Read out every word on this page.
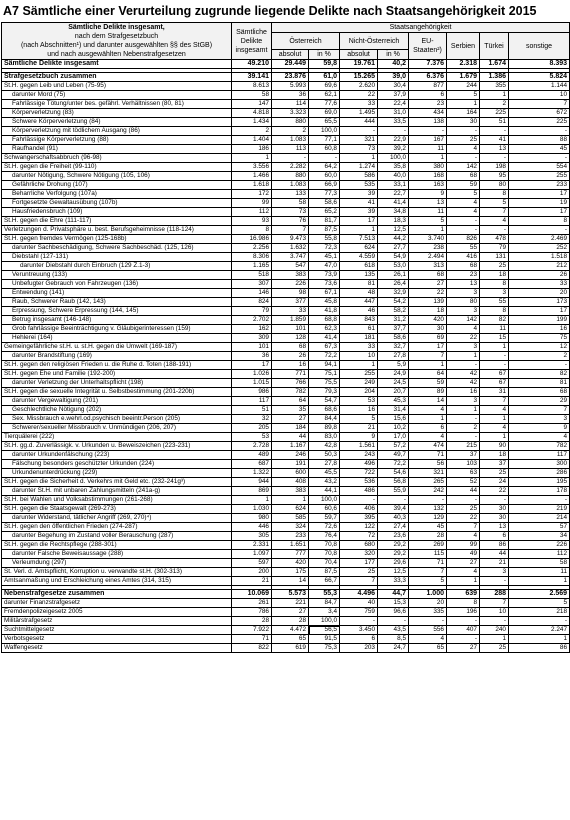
A7 Sämtliche einer Verurteilung zugrunde liegende Delikte nach Staatsangehörigkeit 2015
Sämtliche Delikte insgesamt,
nach dem Strafgesetzbuch
(nach Abschnitten¹) und darunter ausgewählten §§ des StGB)
und nach ausgewählten Nebenstrafgesetzen	Sämtliche Delikte insgesamt	Staatsangehörigkeit							
		Österreich		Nicht-Österreich		EU-Staaten²)	Serbien	Türkei	sonstige
		absolut	in %	absolut	in %				
Sämtliche Delikte insgesamt	49.210	29.449	59,8	19.761	40,2	7.376	2.318	1.674	8.393

Strafgesetzbuch zusammen	39.141	23.876	61,0	15.265	39,0	6.376	1.679	1.386	5.824
St.H. gegen Leib und Leben (75-95)	8.613	5.993	69,6	2.620	30,4	877	244	355	1.144
darunter Mord (75)	58	36	62,1	22	37,9	6	5	1	10
Fahrlässige Tötung/unter bes. gefährl. Verhältnissen (80, 81)	147	114	77,6	33	22,4	23	1	2	7
Körperverletzung (83)	4.818	3.323	69,0	1.495	31,0	434	164	225	672
Schwere Körperverletzung (84)	1.434	880	65,5	444	33,5	138	30	51	225
Körperverletzung mit tödlichem Ausgang (86)	2	2	100,0	-	-	-	-	-	-
Fahrlässige Körperverletzung (88)	1.404	1.083	77,1	321	22,9	167	25	41	88
Raufhandel (91)	186	113	60,8	73	39,2	11	4	13	45
Schwangerschaftsabbruch (96-98)	1	-	-	1	100,0	1	-	-	-
St.H. gegen die Freiheit (99-110)	3.556	2.282	64,2	1.274	35,8	380	142	198	554
darunter Nötigung, Schwere Nötigung (105, 106)	1.466	880	60,0	586	40,0	168	68	95	255
Gefährliche Drohung (107)	1.618	1.083	66,9	535	33,1	163	59	80	233
Beharrliche Verfolgung (107a)	172	133	77,3	39	22,7	9	5	8	17
Fortgesetzte Gewaltausübung (107b)	99	58	58,6	41	41,4	13	4	5	19
Hausfriedensbruch (109)	112	73	65,2	39	34,8	11	4	7	17
St.H. gegen die Ehre (111-117)	93	76	81,7	17	18,3	5	-	4	8
Verletzungen d. Privatsphäre u. best. Berufsgeheimnisse (118-124)	8	7	87,5	1	12,5	1	-	-	-
St.H. gegen fremdes Vermögen (125-168b)	16.986	9.473	55,8	7.513	44,2	3.740	826	478	2.469
darunter Sachbeschädigung, Schwere Sachbeschäd. (125, 126)	2.256	1.632	72,3	624	27,7	238	55	79	252
Diebstahl (127-131)	8.306	3.747	45,1	4.559	54,9	2.494	416	131	1.518
darunter Diebstahl durch Einbruch (129 Z.1-3)	1.165	547	47,0	618	53,0	313	68	25	212
Veruntreuung (133)	518	383	73,9	135	26,1	68	23	18	26
Unbefugter Gebrauch von Fahrzeugen (136)	307	226	73,6	81	26,4	27	13	8	33
Entwendung (141)	146	98	67,1	48	32,9	22	3	3	20
Raub, Schwerer Raub (142, 143)	824	377	45,8	447	54,2	139	80	55	173
Erpressung, Schwere Erpressung (144, 145)	79	33	41,8	46	58,2	18	3	8	17
Betrug insgesamt (146-148)	2.702	1.859	68,8	843	31,2	420	142	82	199
Grob fahrlässige Beeinträchtigung v. Gläubigerinteressen (159)	162	101	62,3	61	37,7	30	4	11	16
Hehlerei (164)	309	128	41,4	181	58,6	69	22	15	75
Gemeingefährliche st.H. u. st.H. gegen die Umwelt (169-187)	101	68	67,3	33	32,7	17	3	1	12
darunter Brandstiftung (169)	36	26	72,2	10	27,8	7	1	-	2
St.H. gegen den religiösen Frieden u. die Ruhe d. Toten (188-191)	17	16	94,1	1	5,9	1	-	-	-
St.H. gegen Ehe und Familie (192-200)	1.026	771	75,1	255	24,9	64	42	67	82
darunter Verletzung der Unterhaltspflicht (198)	1.015	766	75,5	249	24,5	59	42	67	81
St.H. gegen die sexuelle Integrität u. Selbstbestimmung (201-220b)	986	782	79,3	204	20,7	89	16	31	68
darunter Vergewaltigung (201)	117	64	54,7	53	45,3	14	3	7	29
Geschlechtliche Nötigung (202)	51	35	68,6	16	31,4	4	1	4	7
Sex. Missbrauch e.wehrl.od.psychisch beeintr.Person (205)	32	27	84,4	5	15,6	1	-	1	3
Schwerer/sexueller Missbrauch v. Unmündigen (206, 207)	205	184	89,8	21	10,2	6	2	4	9
Tierquälerei (222)	53	44	83,0	9	17,0	4	-	1	4
St.H. gg.d. Zuverlässigk. v. Urkunden u. Beweiszeichen (223-231)	2.728	1.167	42,8	1.561	57,2	474	215	90	782
darunter Urkundenfälschung (223)	489	246	50,3	243	49,7	71	37	18	117
Fälschung besonders geschützter Urkunden (224)	687	191	27,8	496	72,2	56	103	37	300
Urkundenunterdrückung (229)	1.322	600	45,5	722	54,6	321	63	25	286
St.H. gegen die Sicherheit d. Verkehrs mit Geld etc. (232-241g³)	944	408	43,2	536	56,8	265	52	24	195
darunter St.H. mit unbaren Zahlungsmitteln (241a-g)	869	383	44,1	486	55,9	242	44	22	178
St.H. bei Wahlen und Volksabstimmungen (261-268)	1	1	100,0	-	-	-	-	-	-
St.H. gegen die Staatsgewalt (269-273)	1.030	624	60,6	406	39,4	132	25	30	219
darunter Widerstand, tätlicher Angriff (269, 270)⁴)	980	585	59,7	395	40,3	129	22	30	214
St.H. gegen den öffentlichen Frieden (274-287)	446	324	72,6	122	27,4	45	7	13	57
darunter Begehung im Zustand voller Berauschung (287)	305	233	76,4	72	23,6	28	4	6	34
St.H. gegen die Rechtspflege (288-301)	2.331	1.651	70,8	680	29,2	269	99	86	226
darunter Falsche Beweisaussage (288)	1.097	777	70,8	320	29,2	115	49	44	112
Verleumdung (297)	597	420	70,4	177	29,6	71	27	21	58
St. Verl. d. Amtspflicht, Korruption u. verwandte st.H. (302-313)	200	175	87,5	25	12,5	7	4	3	11
Amtsanmaßung und Erschleichung eines Amtes (314, 315)	21	14	66,7	7	33,3	5	1	-	1

Nebenstrafgesetze zusammen	10.069	5.573	55,3	4.496	44,7	1.000	639	288	2.569
darunter Finanzstrafgesetz	261	221	84,7	40	15,3	20	8	7	5
Fremdenpolizeigesetz 2005	786	27	3,4	759	96,6	335	196	10	218
Militärstrafgesetz	28	28	100,0	-	-	-	-	-	-
Suchtmittelgesetz	7.922	4.472	56,5	3.450	43,5	556	407	240	2.247
Verbotsgesetz	71	65	91,5	6	8,5	4	-	1	1
Waffengesetz	822	619	75,3	203	24,7	65	27	25	86
